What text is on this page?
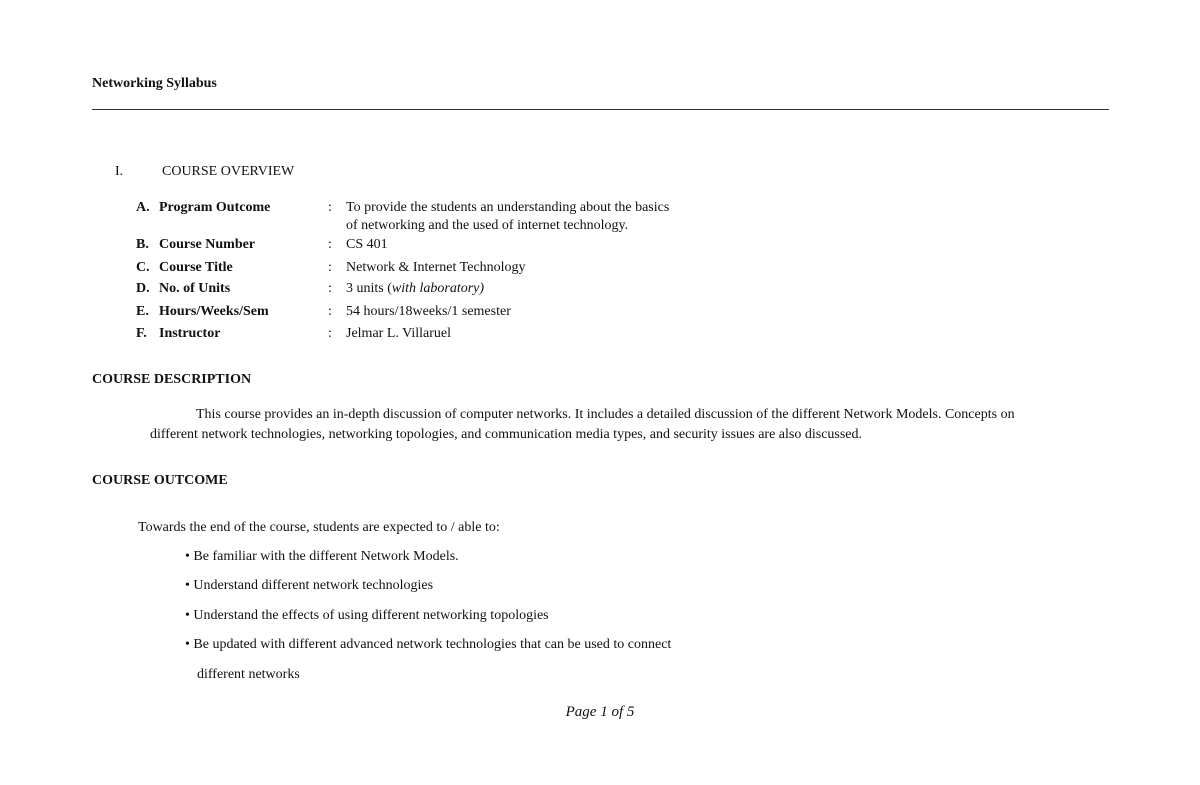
Networking Syllabus
I.	COURSE OVERVIEW
A. Program Outcome	: To provide the students an understanding about the basics
of networking and the used of internet technology.
B. Course Number	: CS 401
C. Course Title	: Network & Internet Technology
D. No. of Units	: 3 units (with laboratory)
E. Hours/Weeks/Sem	: 54 hours/18weeks/1 semester
F. Instructor	: Jelmar L. Villaruel
COURSE DESCRIPTION
This course provides an in-depth discussion of computer networks. It includes a detailed discussion of the different Network Models. Concepts on
different network technologies, networking topologies, and communication media types, and security issues are also discussed.
COURSE OUTCOME
Towards the end of the course, students are expected to / able to:
• Be familiar with the different Network Models.
• Understand different network technologies
• Understand the effects of using different networking topologies
• Be updated with different advanced network technologies that can be used to connect
different networks
Page 1 of 5
